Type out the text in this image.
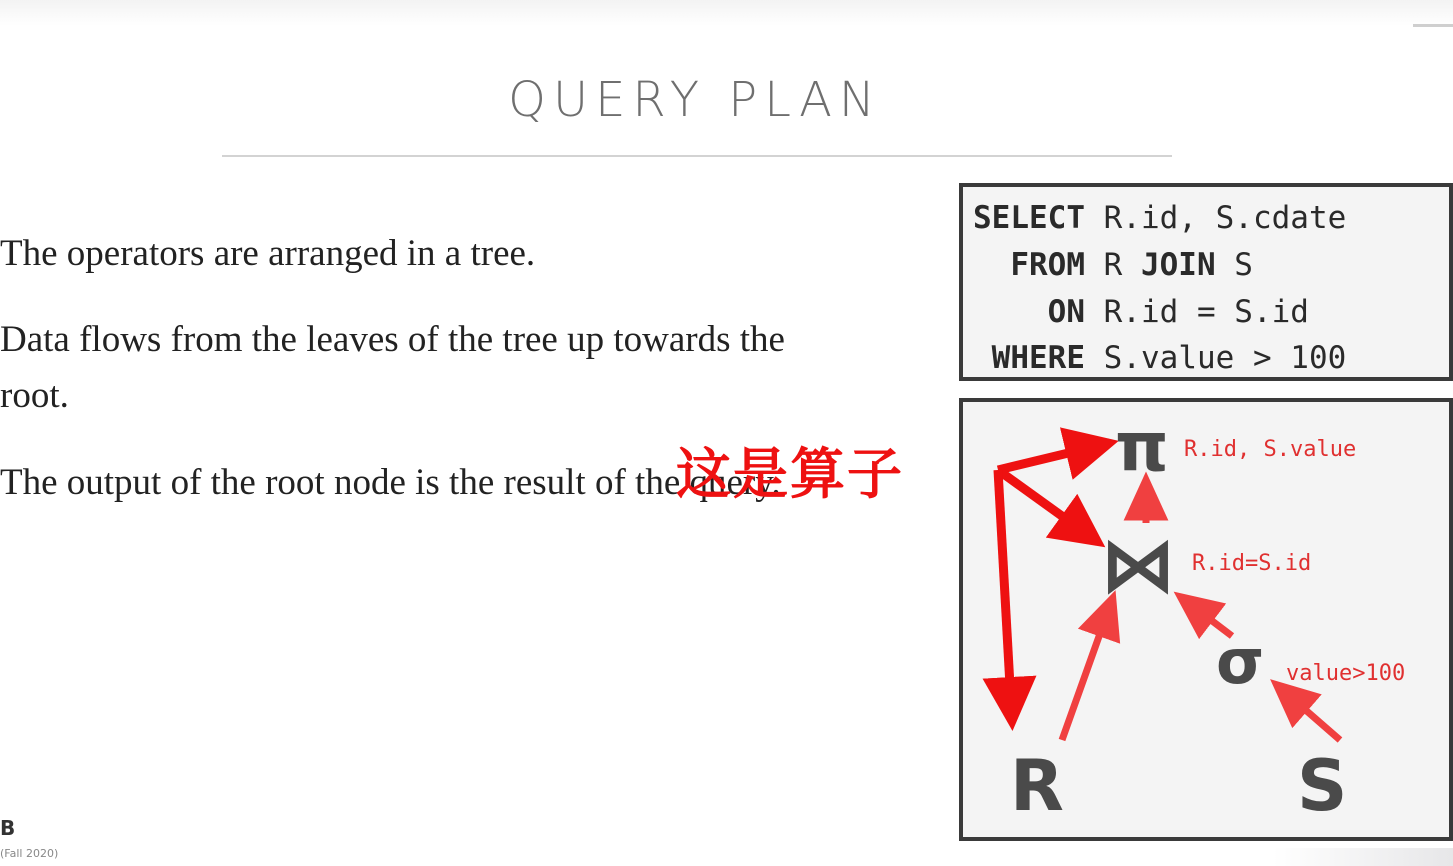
QUERY PLAN
The operators are arranged in a tree.
Data flows from the leaves of the tree up towards the root.
The output of the root node is the result of the query.
这是算子
SELECT R.id, S.cdate
FROM R JOIN S
ON R.id = S.id
WHERE S.value > 100
π R.id, S.value
⋈ R.id=S.id
σ value>100
R	S
B
(Fall 2020)
